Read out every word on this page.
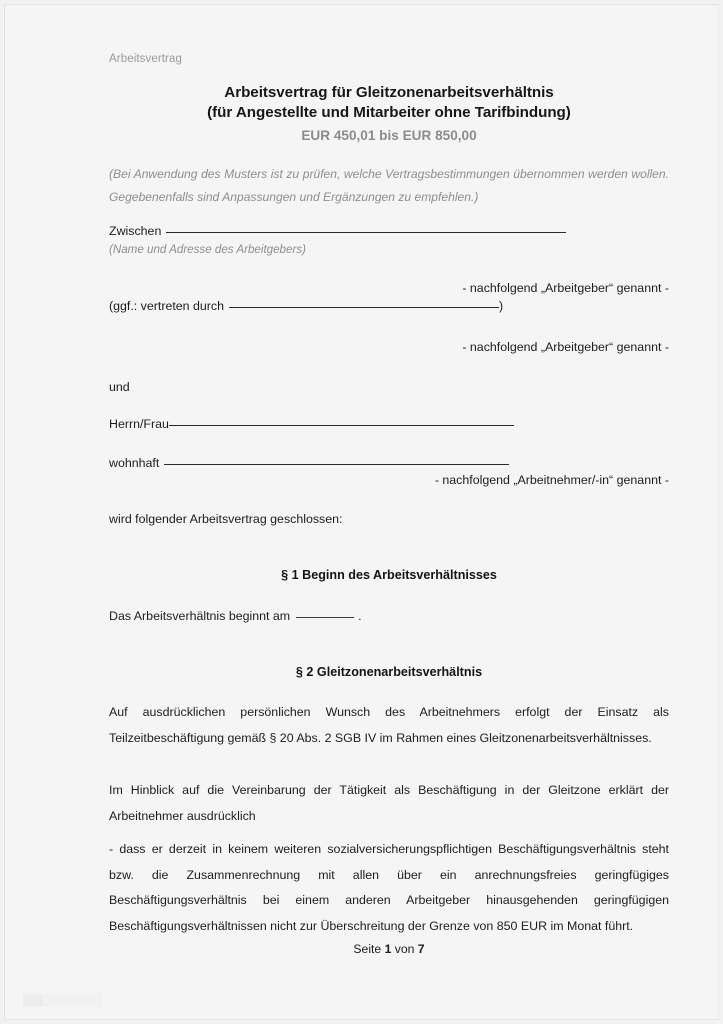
Arbeitsvertrag
Arbeitsvertrag für Gleitzonenarbeitsverhältnis
(für Angestellte und Mitarbeiter ohne Tarifbindung)
EUR 450,01 bis EUR 850,00
(Bei Anwendung des Musters ist zu prüfen, welche Vertragsbestimmungen übernommen werden wollen. Gegebenenfalls sind Anpassungen und Ergänzungen zu empfehlen.)
Zwischen
(Name und Adresse des Arbeitgebers)
- nachfolgend „Arbeitgeber“ genannt -
(ggf.: vertreten durch	)
- nachfolgend „Arbeitgeber“ genannt -
und
Herrn/Frau
wohnhaft
- nachfolgend „Arbeitnehmer/-in“ genannt -
wird folgender Arbeitsvertrag geschlossen:
§ 1 Beginn des Arbeitsverhältnisses
Das Arbeitsverhältnis beginnt am	.
§ 2 Gleitzonenarbeitsverhältnis
Auf ausdrücklichen persönlichen Wunsch des Arbeitnehmers erfolgt der Einsatz als Teilzeitbeschäftigung gemäß § 20 Abs. 2 SGB IV im Rahmen eines Gleitzonenarbeitsverhältnisses.
Im Hinblick auf die Vereinbarung der Tätigkeit als Beschäftigung in der Gleitzone erklärt der Arbeitnehmer ausdrücklich
- dass er derzeit in keinem weiteren sozialversicherungspflichtigen Beschäftigungsverhältnis steht bzw. die Zusammenrechnung mit allen über ein anrechnungsfreies geringfügiges Beschäftigungsverhältnis bei einem anderen Arbeitgeber hinausgehenden geringfügigen Beschäftigungsverhältnissen nicht zur Überschreitung der Grenze von 850 EUR im Monat führt.
Seite 1 von 7
